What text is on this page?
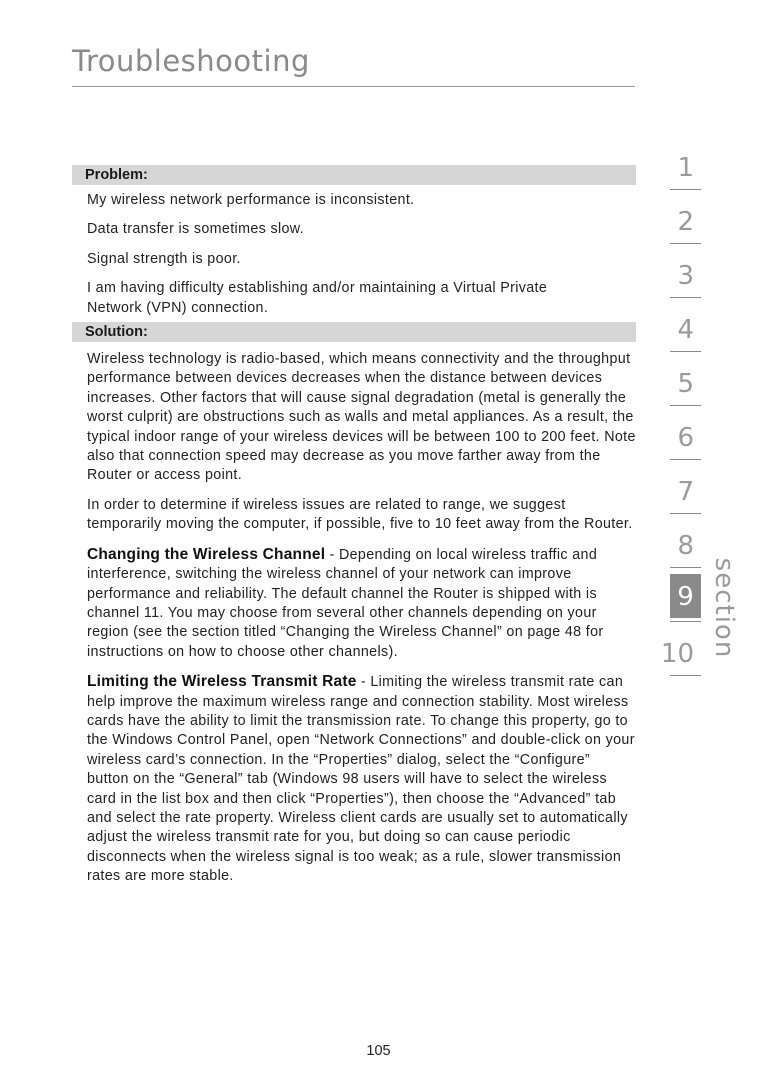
Troubleshooting
Problem:

My wireless network performance is inconsistent.

Data transfer is sometimes slow.

Signal strength is poor.

I am having difficulty establishing and/or maintaining a Virtual Private Network (VPN) connection.

Solution:

Wireless technology is radio-based, which means connectivity and the throughput performance between devices decreases when the distance between devices increases. Other factors that will cause signal degradation (metal is generally the worst culprit) are obstructions such as walls and metal appliances. As a result, the typical indoor range of your wireless devices will be between 100 to 200 feet. Note also that connection speed may decrease as you move farther away from the Router or access point.

In order to determine if wireless issues are related to range, we suggest temporarily moving the computer, if possible, five to 10 feet away from the Router.

Changing the Wireless Channel - Depending on local wireless traffic and interference, switching the wireless channel of your network can improve performance and reliability. The default channel the Router is shipped with is channel 11. You may choose from several other channels depending on your region (see the section titled “Changing the Wireless Channel” on page 48 for instructions on how to choose other channels).

Limiting the Wireless Transmit Rate - Limiting the wireless transmit rate can help improve the maximum wireless range and connection stability. Most wireless cards have the ability to limit the transmission rate. To change this property, go to the Windows Control Panel, open “Network Connections” and double-click on your wireless card’s connection. In the “Properties” dialog, select the “Configure” button on the “General” tab (Windows 98 users will have to select the wireless card in the list box and then click “Properties”), then choose the “Advanced” tab and select the rate property. Wireless client cards are usually set to automatically adjust the wireless transmit rate for you, but doing so can cause periodic disconnects when the wireless signal is too weak; as a rule, slower transmission rates are more stable.

1
2
3
4
5
6
7
8
9
10 section
105
